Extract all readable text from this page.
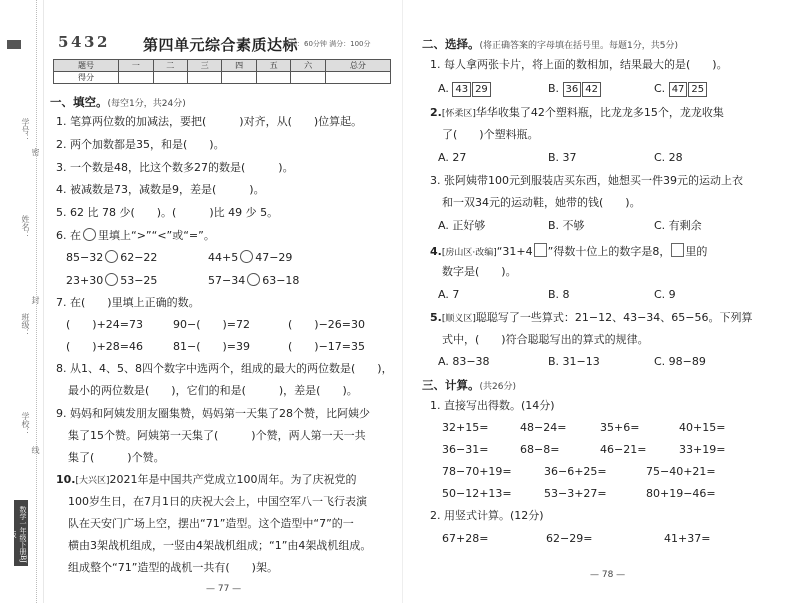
学号：
密
姓名：
封
班级：
学校：
线
数学一年级下册BJ版
5 4 3 2 第四单元综合素质达标
时间：60分钟 满分：100分
题号	一	二	三	四	五	六	总分
得分							
一、填空。(每空1分，共24分)
1. 笔算两位数的加减法，要把(　　　)对齐，从(　　)位算起。
2. 两个加数都是35，和是(　　)。
3. 一个数是48，比这个数多27的数是(　　　)。
4. 被减数是73，减数是9，差是(　　　)。
5. 62 比 78 少(　　)。(　　　)比 49 少 5。
6. 在 里填上“>”“<”或“=”。
85−32 62−22	44+5 47−29
23+30 53−25	57−34 63−18
7. 在(　　)里填上正确的数。
(　　)+24=73	90−(　　)=72	(　　)−26=30
(　　)+28=46	81−(　　)=39	(　　)−17=35
8. 从1、4、5、8四个数字中选两个，组成的最大的两位数是(　　)，
最小的两位数是(　　)，它们的和是(　　　)，差是(　　)。
9. 妈妈和阿姨发朋友圈集赞，妈妈第一天集了28个赞，比阿姨少
集了15个赞。阿姨第一天集了(　　　)个赞，两人第一天一共
集了(　　　)个赞。
10.[大兴区]2021年是中国共产党成立100周年。为了庆祝党的
100岁生日，在7月1日的庆祝大会上，中国空军八一飞行表演
队在天安门广场上空，摆出“71”造型。这个造型中“7”的一
横由3架战机组成，一竖由4架战机组成；“1”由4架战机组成。
组成整个“71”造型的战机一共有(　　)架。
— 77 —
二、选择。(将正确答案的字母填在括号里。每题1分，共5分)
1. 每人拿两张卡片，将上面的数相加，结果最大的是(　　)。
A. 43 29	B. 36 42	C. 47 25
2.[怀柔区]华华收集了42个塑料瓶，比龙龙多15个，龙龙收集
了(　　)个塑料瓶。
A. 27	B. 37	C. 28
3. 张阿姨带100元到服装店买东西，她想买一件39元的运动上衣
和一双34元的运动鞋，她带的钱(　　)。
A. 正好够	B. 不够	C. 有剩余
4.[房山区·改编]“31+4 ”得数十位上的数字是8， 里的
数字是(　　)。
A. 7	B. 8	C. 9
5.[顺义区]聪聪写了一些算式：21−12、43−34、65−56。下列算
式中，(　　)符合聪聪写出的算式的规律。
A. 83−38	B. 31−13	C. 98−89
三、计算。(共26分)
1. 直接写出得数。(14分)
32+15=	48−24=	35+6=	40+15=
36−31=	68−8=	46−21=	33+19=
78−70+19=	36−6+25=	75−40+21=
50−12+13=	53−3+27=	80+19−46=
2. 用竖式计算。(12分)
67+28=	62−29=	41+37=
— 78 —
